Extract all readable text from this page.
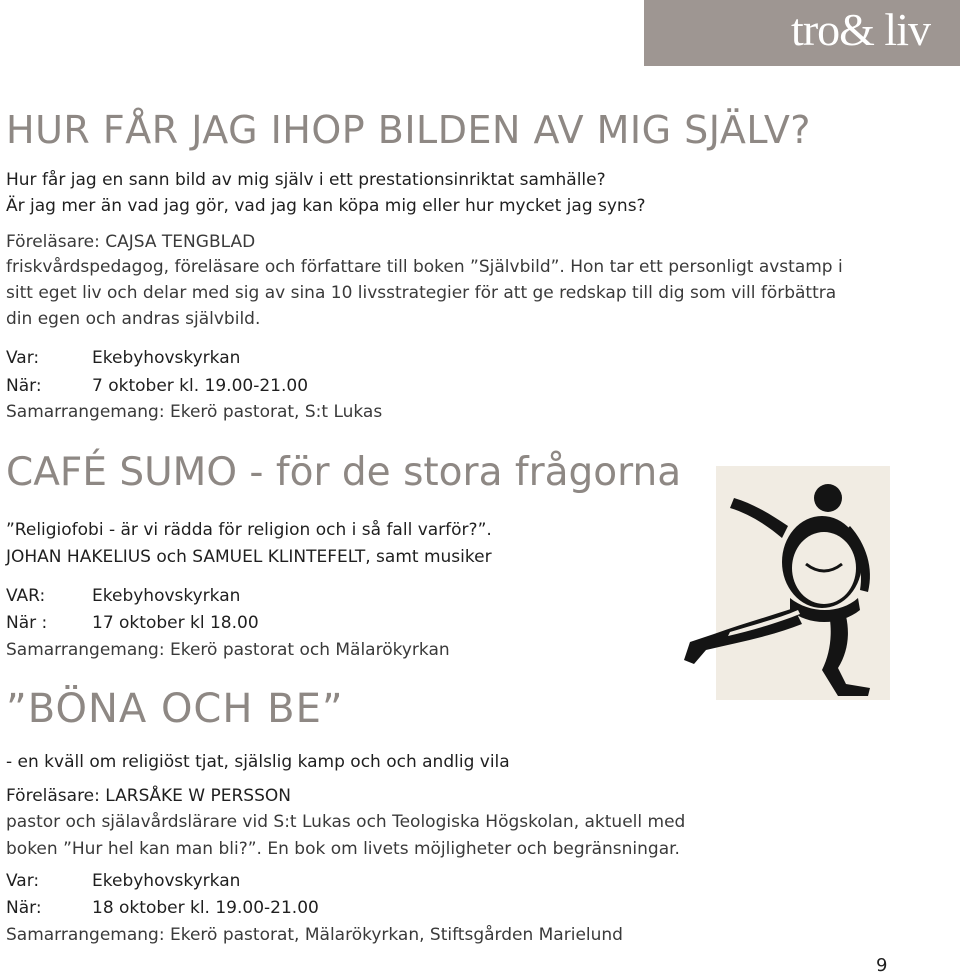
tro& liv
HUR FÅR JAG IHOP BILDEN AV MIG SJÄLV?

Hur får jag en sann bild av mig själv i ett prestationsinriktat samhälle?

Är jag mer än vad jag gör, vad jag kan köpa mig eller hur mycket jag syns?

Föreläsare: CAJSA TENGBLAD

friskvårdspedagog, föreläsare och författare till boken ”Självbild”. Hon tar ett personligt avstamp i

sitt eget liv och delar med sig av sina 10 livsstrategier för att ge redskap till dig som vill förbättra

din egen och andras självbild.

Var:	Ekebyhovskyrkan
När:	7 oktober kl. 19.00-21.00

Samarrangemang: Ekerö pastorat, S:t Lukas

CAFÉ SUMO - för de stora frågorna

”Religiofobi - är vi rädda för religion och i så fall varför?”.

JOHAN HAKELIUS och SAMUEL KLINTEFELT, samt musiker

VAR:	Ekebyhovskyrkan
När :	17 oktober kl 18.00

Samarrangemang: Ekerö pastorat och Mälarökyrkan

”BÖNA OCH BE”

- en kväll om religiöst tjat, själslig kamp och och andlig vila

Föreläsare: LARSÅKE W PERSSON

pastor och själavårdslärare vid S:t Lukas och Teologiska Högskolan, aktuell med

boken ”Hur hel kan man bli?”. En bok om livets möjligheter och begränsningar.

Var:	Ekebyhovskyrkan
När:	18 oktober kl. 19.00-21.00

Samarrangemang: Ekerö pastorat, Mälarökyrkan, Stiftsgården Marielund

9
